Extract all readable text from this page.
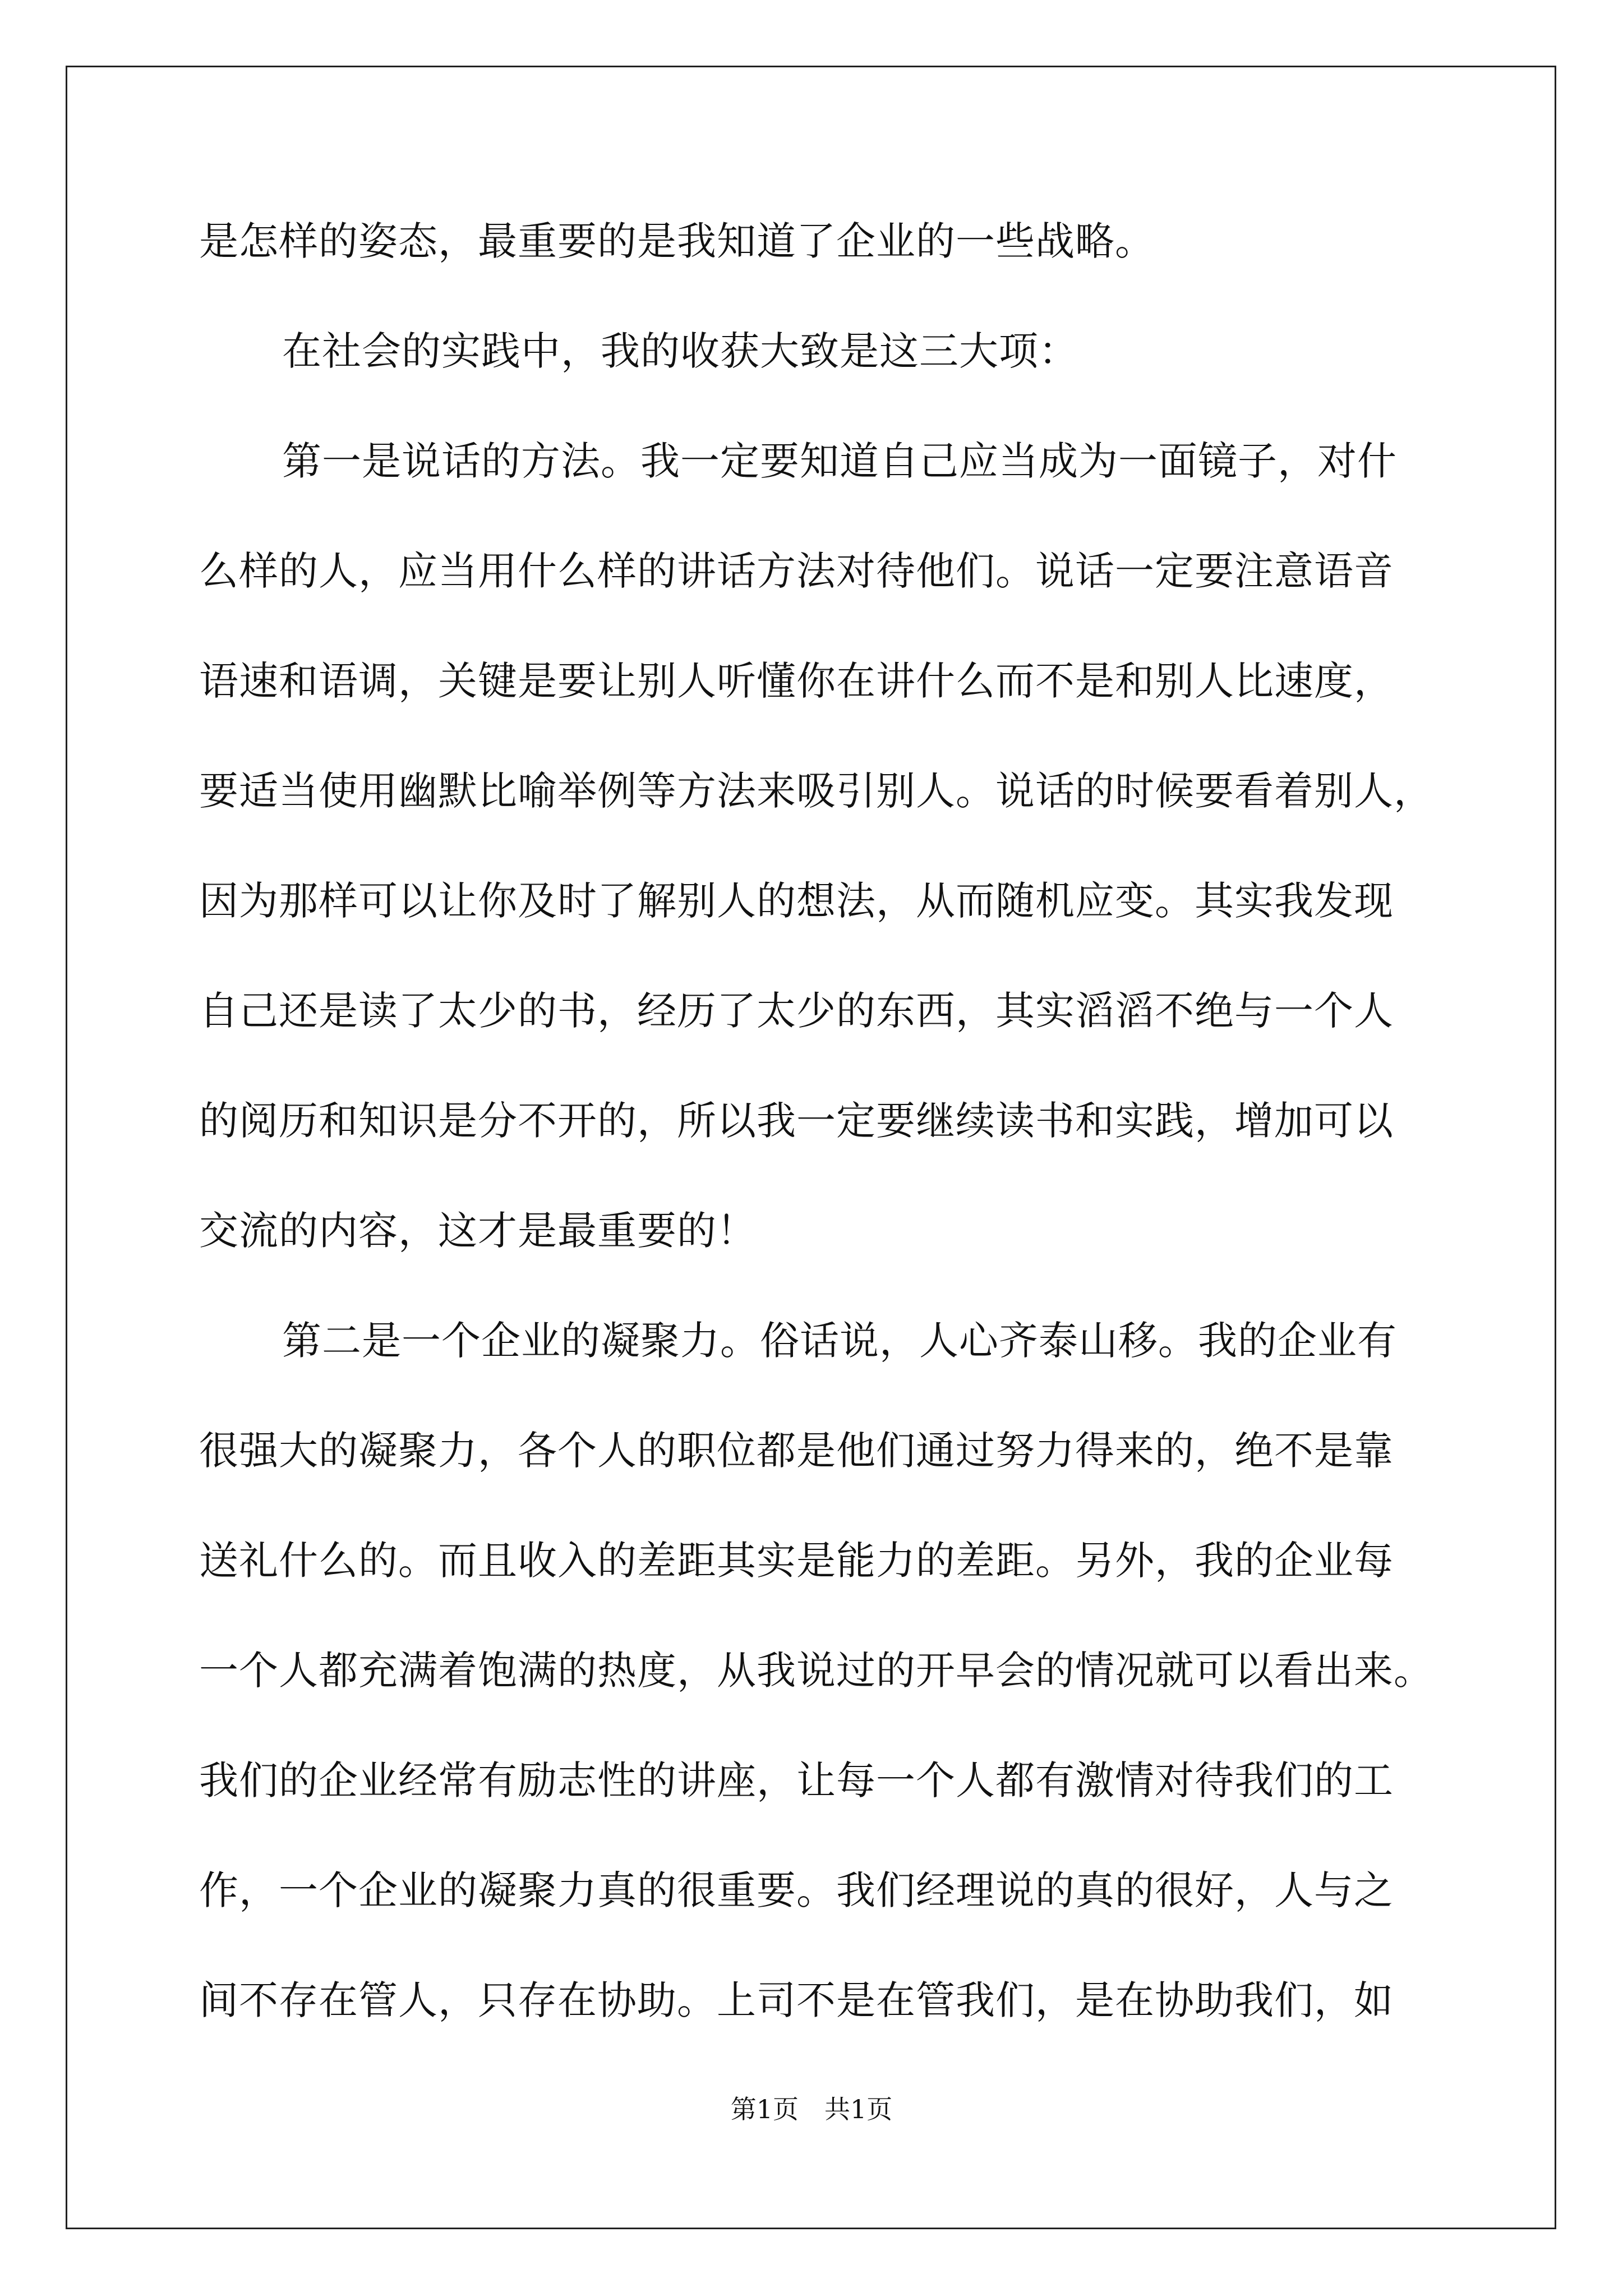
是怎样的姿态，最重要的是我知道了企业的一些战略。
在社会的实践中，我的收获大致是这三大项：
第一是说话的方法。我一定要知道自己应当成为一面镜子，对什
么样的人，应当用什么样的讲话方法对待他们。说话一定要注意语音
语速和语调，关键是要让别人听懂你在讲什么而不是和别人比速度，
要适当使用幽默比喻举例等方法来吸引别人。说话的时候要看着别人，
因为那样可以让你及时了解别人的想法，从而随机应变。其实我发现
自己还是读了太少的书，经历了太少的东西，其实滔滔不绝与一个人
的阅历和知识是分不开的，所以我一定要继续读书和实践，增加可以
交流的内容，这才是最重要的！
第二是一个企业的凝聚力。俗话说，人心齐泰山移。我的企业有
很强大的凝聚力，各个人的职位都是他们通过努力得来的，绝不是靠
送礼什么的。而且收入的差距其实是能力的差距。另外，我的企业每
一个人都充满着饱满的热度，从我说过的开早会的情况就可以看出来。
我们的企业经常有励志性的讲座，让每一个人都有激情对待我们的工
作，一个企业的凝聚力真的很重要。我们经理说的真的很好，人与之
间不存在管人，只存在协助。上司不是在管我们，是在协助我们，如
第1页　共1页
